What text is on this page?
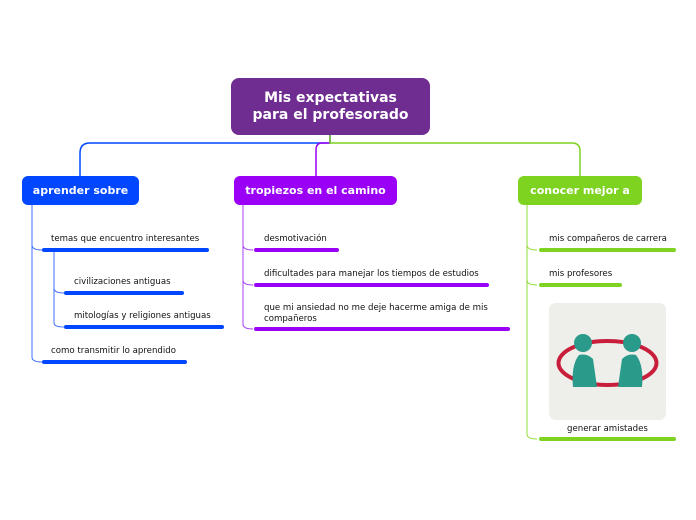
Mis expectativas
para el profesorado
aprender sobre	tropiezos en el camino	conocer mejor a
temas que encuentro interesantes
civilizaciones antiguas
mitologías y religiones antiguas
como transmitir lo aprendido
desmotivación
dificultades para manejar los tiempos de estudios
que mi ansiedad no me deje hacerme amiga de mis compañeros
mis compañeros de carrera
mis profesores
generar amistades
